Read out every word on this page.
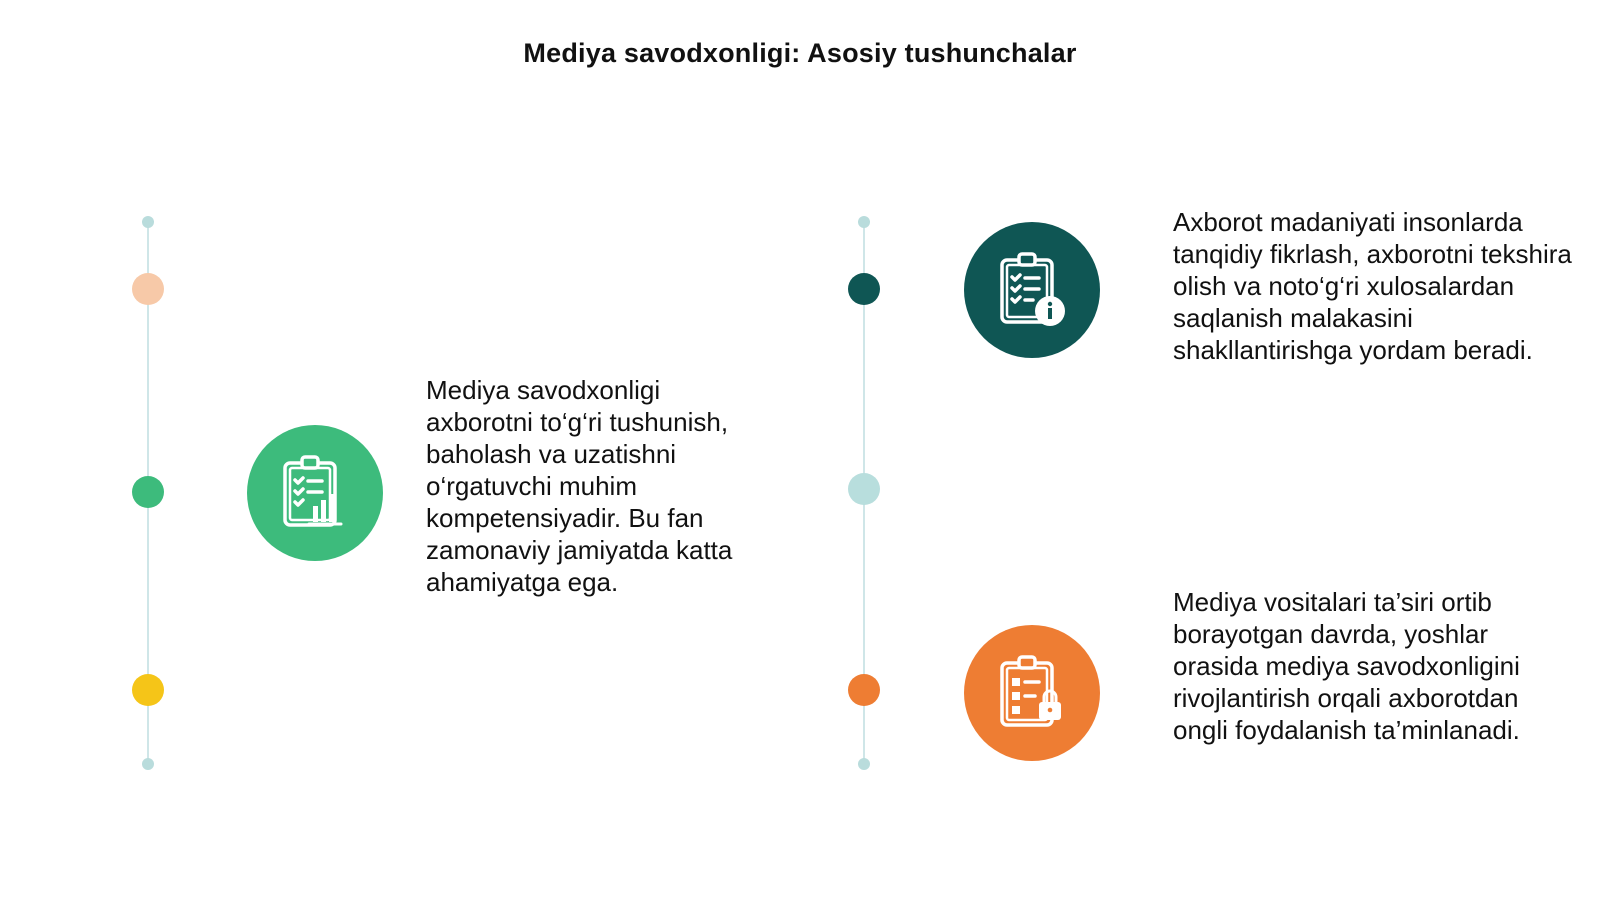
Mediya savodxonligi: Asosiy tushunchalar
Mediya savodxonligi axborotni to‘g‘ri tushunish, baholash va uzatishni o‘rgatuvchi muhim kompetensiyadir. Bu fan zamonaviy jamiyatda katta ahamiyatga ega.
Axborot madaniyati insonlarda tanqidiy fikrlash, axborotni tekshira olish va noto‘g‘ri xulosalardan saqlanish malakasini shakllantirishga yordam beradi.
Mediya vositalari ta’siri ortib borayotgan davrda, yoshlar orasida mediya savodxonligini rivojlantirish orqali axborotdan ongli foydalanish ta’minlanadi.
